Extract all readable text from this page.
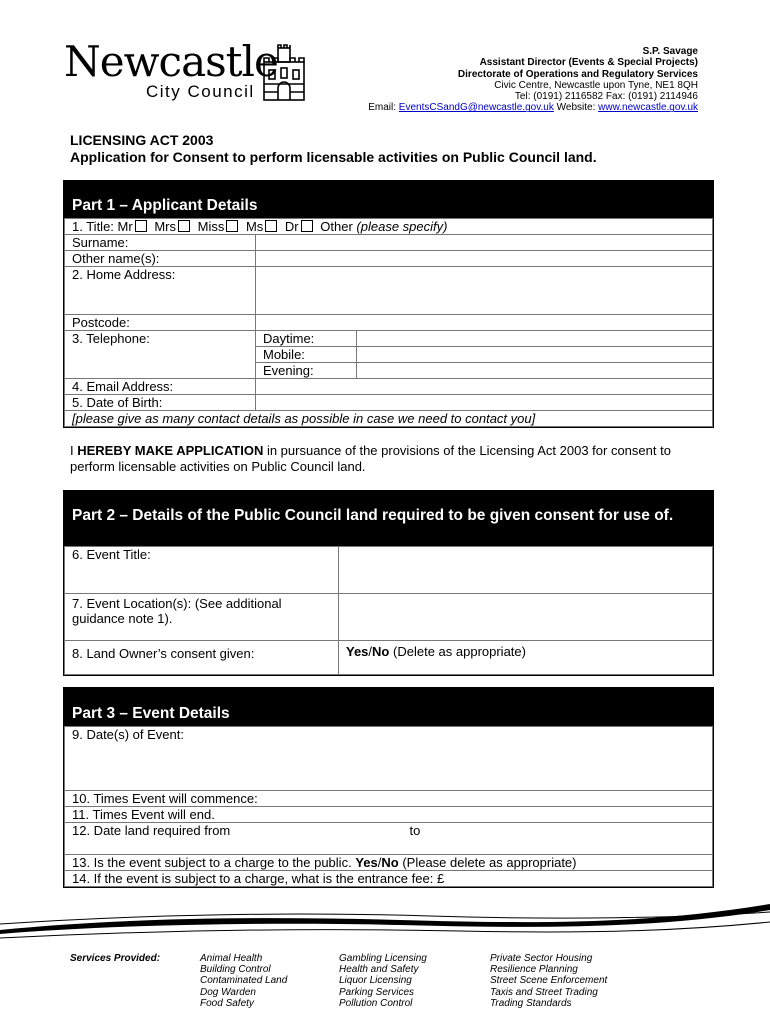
Newcastle
City Council
S.P. Savage
Assistant Director (Events & Special Projects)
Directorate of Operations and Regulatory Services
Civic Centre, Newcastle upon Tyne, NE1 8QH
Tel: (0191) 2116582 Fax: (0191) 2114946
Email: EventsCSandG@newcastle.gov.uk Website: www.newcastle.gov.uk
LICENSING ACT 2003
Application for Consent to perform licensable activities on Public Council land.
Part 1 – Applicant Details
1. Title: Mr Mrs Miss Ms Dr Other (please specify)		
Surname:		
Other name(s):		
2. Home Address:		
Postcode:		
3. Telephone:	Daytime:	
	Mobile:	
	Evening:	
4. Email Address:		
5. Date of Birth:		
[please give as many contact details as possible in case we need to contact you]		
I HEREBY MAKE APPLICATION in pursuance of the provisions of the Licensing Act 2003 for consent to perform licensable activities on Public Council land.
Part 2 – Details of the Public Council land required to be given consent for use of.
6. Event Title:	
7. Event Location(s): (See additional guidance note 1).	
8. Land Owner’s consent given:	Yes/No (Delete as appropriate)
Part 3 – Event Details
9. Date(s) of Event:
10. Times Event will commence:
11. Times Event will end.
12. Date land required from	to
13. Is the event subject to a charge to the public. Yes/No (Please delete as appropriate)
14. If the event is subject to a charge, what is the entrance fee: £
Services Provided:	Animal Health
Building Control
Contaminated Land
Dog Warden
Food Safety
Gambling Licensing
Health and Safety
Liquor Licensing
Parking Services
Pollution Control
Private Sector Housing
Resilience Planning
Street Scene Enforcement
Taxis and Street Trading
Trading Standards
